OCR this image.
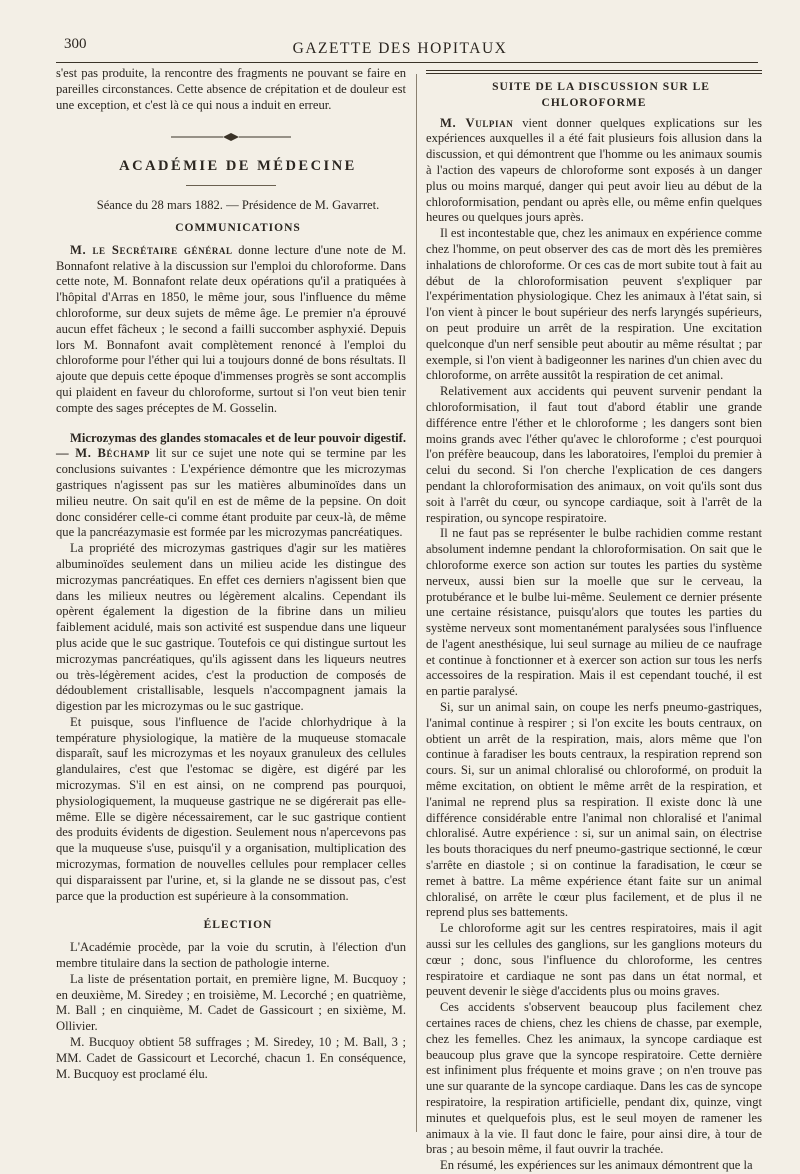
300	GAZETTE DES HOPITAUX

s'est pas produite, la rencontre des fragments ne pouvant se faire en pareilles circonstances. Cette absence de crépitation et de douleur est une exception, et c'est là ce qui nous a induit en erreur.

ACADÉMIE DE MÉDECINE

Séance du 28 mars 1882. — Présidence de M. Gavarret.

COMMUNICATIONS

M. le Secrétaire général donne lecture d'une note de M. Bonnafont relative à la discussion sur l'emploi du chloroforme. Dans cette note, M. Bonnafont relate deux opérations qu'il a pratiquées à l'hôpital d'Arras en 1850, le même jour, sous l'influence du même chloroforme, sur deux sujets de même âge. Le premier n'a éprouvé aucun effet fâcheux ; le second a failli succomber asphyxié. Depuis lors M. Bonnafont avait complètement renoncé à l'emploi du chloroforme pour l'éther qui lui a toujours donné de bons résultats. Il ajoute que depuis cette époque d'immenses progrès se sont accomplis qui plaident en faveur du chloroforme, surtout si l'on veut bien tenir compte des sages préceptes de M. Gosselin.

Microzymas des glandes stomacales et de leur pouvoir digestif. — M. Béchamp lit sur ce sujet une note qui se termine par les conclusions suivantes : L'expérience démontre que les microzymas gastriques n'agissent pas sur les matières albuminoïdes dans un milieu neutre. On sait qu'il en est de même de la pepsine. On doit donc considérer celle-ci comme étant produite par ceux-là, de même que la pancréazymasie est formée par les microzymas pancréatiques.

La propriété des microzymas gastriques d'agir sur les matières albuminoïdes seulement dans un milieu acide les distingue des microzymas pancréatiques. En effet ces derniers n'agissent bien que dans les milieux neutres ou légèrement alcalins. Cependant ils opèrent également la digestion de la fibrine dans un milieu faiblement acidulé, mais son activité est suspendue dans une liqueur plus acide que le suc gastrique. Toutefois ce qui distingue surtout les microzymas pancréatiques, qu'ils agissent dans les liqueurs neutres ou très-légèrement acides, c'est la production de composés de dédoublement cristallisable, lesquels n'accompagnent jamais la digestion par les microzymas ou le suc gastrique.

Et puisque, sous l'influence de l'acide chlorhydrique à la température physiologique, la matière de la muqueuse stomacale disparaît, sauf les microzymas et les noyaux granuleux des cellules glandulaires, c'est que l'estomac se digère, est digéré par les microzymas. S'il en est ainsi, on ne comprend pas pourquoi, physiologiquement, la muqueuse gastrique ne se digérerait pas elle-même. Elle se digère nécessairement, car le suc gastrique contient des produits évidents de digestion. Seulement nous n'apercevons pas que la muqueuse s'use, puisqu'il y a organisation, multiplication des microzymas, formation de nouvelles cellules pour remplacer celles qui disparaissent par l'urine, et, si la glande ne se dissout pas, c'est parce que la production est supérieure à la consommation.

ÉLECTION

L'Académie procède, par la voie du scrutin, à l'élection d'un membre titulaire dans la section de pathologie interne.

La liste de présentation portait, en première ligne, M. Bucquoy ; en deuxième, M. Siredey ; en troisième, M. Lecorché ; en quatrième, M. Ball ; en cinquième, M. Cadet de Gassicourt ; en sixième, M. Ollivier.

M. Bucquoy obtient 58 suffrages ; M. Siredey, 10 ; M. Ball, 3 ; MM. Cadet de Gassicourt et Lecorché, chacun 1. En conséquence, M. Bucquoy est proclamé élu.

SUITE DE LA DISCUSSION SUR LE CHLOROFORME

M. Vulpian vient donner quelques explications sur les expériences auxquelles il a été fait plusieurs fois allusion dans la discussion, et qui démontrent que l'homme ou les animaux soumis à l'action des vapeurs de chloroforme sont exposés à un danger plus ou moins marqué, danger qui peut avoir lieu au début de la chloroformisation, pendant ou après elle, ou même enfin quelques heures ou quelques jours après.

Il est incontestable que, chez les animaux en expérience comme chez l'homme, on peut observer des cas de mort dès les premières inhalations de chloroforme. Or ces cas de mort subite tout à fait au début de la chloroformisation peuvent s'expliquer par l'expérimentation physiologique. Chez les animaux à l'état sain, si l'on vient à pincer le bout supérieur des nerfs laryngés supérieurs, on peut produire un arrêt de la respiration. Une excitation quelconque d'un nerf sensible peut aboutir au même résultat ; par exemple, si l'on vient à badigeonner les narines d'un chien avec du chloroforme, on arrête aussitôt la respiration de cet animal.

Relativement aux accidents qui peuvent survenir pendant la chloroformisation, il faut tout d'abord établir une grande différence entre l'éther et le chloroforme ; les dangers sont bien moins grands avec l'éther qu'avec le chloroforme ; c'est pourquoi l'on préfère beaucoup, dans les laboratoires, l'emploi du premier à celui du second. Si l'on cherche l'explication de ces dangers pendant la chloroformisation des animaux, on voit qu'ils sont dus soit à l'arrêt du cœur, ou syncope cardiaque, soit à l'arrêt de la respiration, ou syncope respiratoire.

Il ne faut pas se représenter le bulbe rachidien comme restant absolument indemne pendant la chloroformisation. On sait que le chloroforme exerce son action sur toutes les parties du système nerveux, aussi bien sur la moelle que sur le cerveau, la protubérance et le bulbe lui-même. Seulement ce dernier présente une certaine résistance, puisqu'alors que toutes les parties du système nerveux sont momentanément paralysées sous l'influence de l'agent anesthésique, lui seul surnage au milieu de ce naufrage et continue à fonctionner et à exercer son action sur tous les nerfs accessoires de la respiration. Mais il est cependant touché, il est en partie paralysé.

Si, sur un animal sain, on coupe les nerfs pneumo-gastriques, l'animal continue à respirer ; si l'on excite les bouts centraux, on obtient un arrêt de la respiration, mais, alors même que l'on continue à faradiser les bouts centraux, la respiration reprend son cours. Si, sur un animal chloralisé ou chloroformé, on produit la même excitation, on obtient le même arrêt de la respiration, et l'animal ne reprend plus sa respiration. Il existe donc là une différence considérable entre l'animal non chloralisé et l'animal chloralisé. Autre expérience : si, sur un animal sain, on électrise les bouts thoraciques du nerf pneumo-gastrique sectionné, le cœur s'arrête en diastole ; si on continue la faradisation, le cœur se remet à battre. La même expérience étant faite sur un animal chloralisé, on arrête le cœur plus facilement, et de plus il ne reprend plus ses battements.

Le chloroforme agit sur les centres respiratoires, mais il agit aussi sur les cellules des ganglions, sur les ganglions moteurs du cœur ; donc, sous l'influence du chloroforme, les centres respiratoire et cardiaque ne sont pas dans un état normal, et peuvent devenir le siège d'accidents plus ou moins graves.

Ces accidents s'observent beaucoup plus facilement chez certaines races de chiens, chez les chiens de chasse, par exemple, chez les femelles. Chez les animaux, la syncope cardiaque est beaucoup plus grave que la syncope respiratoire. Cette dernière est infiniment plus fréquente et moins grave ; on n'en trouve pas une sur quarante de la syncope cardiaque. Dans les cas de syncope respiratoire, la respiration artificielle, pendant dix, quinze, vingt minutes et quelquefois plus, est le seul moyen de ramener les animaux à la vie. Il faut donc le faire, pour ainsi dire, à tour de bras ; au besoin même, il faut ouvrir la trachée.

En résumé, les expériences sur les animaux démontrent que la
